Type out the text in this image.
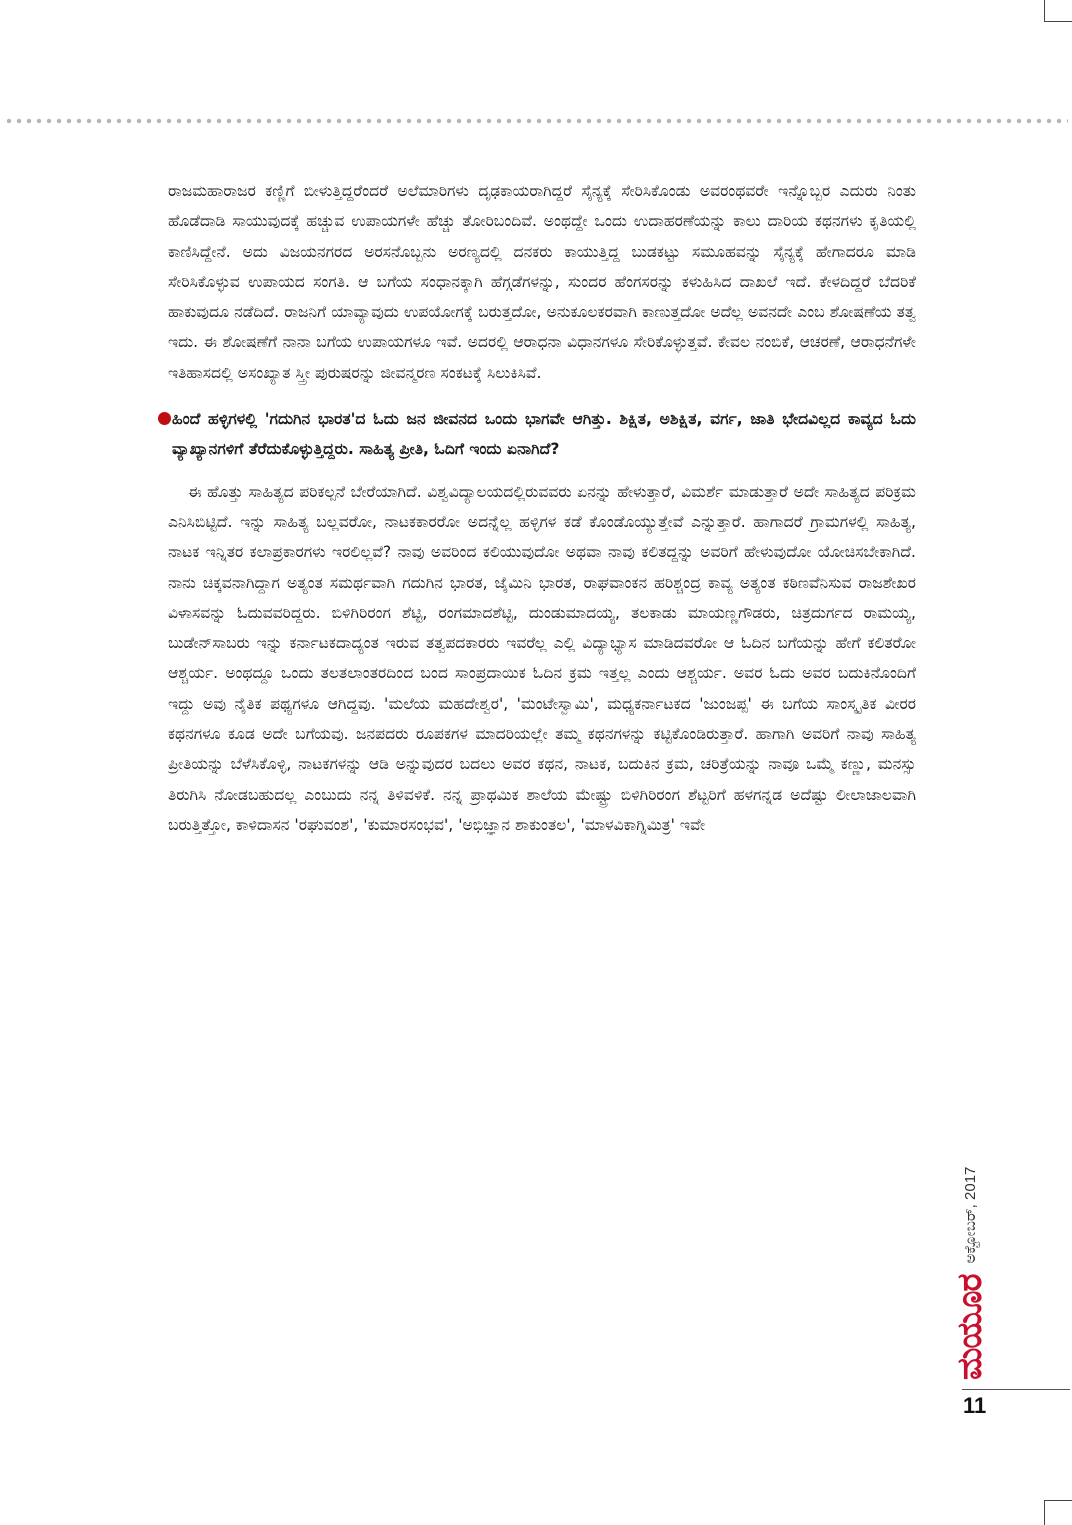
ರಾಜಮಹಾರಾಜರ ಕಣ್ಣಿಗೆ ಬೀಳುತ್ತಿದ್ದರೆಂದರೆ ಅಲೆಮಾರಿಗಳು ದೃಢಕಾಯರಾಗಿದ್ದರೆ ಸೈನ್ಯಕ್ಕೆ ಸೇರಿಸಿಕೊಂಡು ಅವರಂಥವರೇ ಇನ್ನೊಬ್ಬರ ಎದುರು ನಿಂತು ಹೊಡೆದಾಡಿ ಸಾಯುವುದಕ್ಕೆ ಹಚ್ಚುವ ಉಪಾಯಗಳೇ ಹೆಚ್ಚು ತೋರಿಬಂದಿವೆ. ಅಂಥದ್ದೇ ಒಂದು ಉದಾಹರಣೆಯನ್ನು ಕಾಲು ದಾರಿಯ ಕಥನಗಳು ಕೃತಿಯಲ್ಲಿ ಕಾಣಿಸಿದ್ದೇನೆ. ಅದು ವಿಜಯನಗರದ ಅರಸನೊಬ್ಬನು ಅರಣ್ಯದಲ್ಲಿ ದನಕರು ಕಾಯುತ್ತಿದ್ದ ಬುಡಕಟ್ಟು ಸಮೂಹವನ್ನು ಸೈನ್ಯಕ್ಕೆ ಹೇಗಾದರೂ ಮಾಡಿ ಸೇರಿಸಿಕೊಳ್ಳುವ ಉಪಾಯದ ಸಂಗತಿ. ಆ ಬಗೆಯ ಸಂಧಾನಕ್ಕಾಗಿ ಹೆಗ್ಗಡೆಗಳನ್ನು, ಸುಂದರ ಹೆಂಗಸರನ್ನು ಕಳುಹಿಸಿದ ದಾಖಲೆ ಇದೆ. ಕೇಳದಿದ್ದರೆ ಬೆದರಿಕೆ ಹಾಕುವುದೂ ನಡೆದಿದೆ. ರಾಜನಿಗೆ ಯಾವ್ಯಾವುದು ಉಪಯೋಗಕ್ಕೆ ಬರುತ್ತದೋ, ಅನುಕೂಲಕರವಾಗಿ ಕಾಣುತ್ತದೋ ಅದೆಲ್ಲ ಅವನದೇ ಎಂಬ ಶೋಷಣೆಯ ತತ್ವ ಇದು. ಈ ಶೋಷಣೆಗೆ ನಾನಾ ಬಗೆಯ ಉಪಾಯಗಳೂ ಇವೆ. ಅದರಲ್ಲಿ ಆರಾಧನಾ ವಿಧಾನಗಳೂ ಸೇರಿಕೊಳ್ಳುತ್ತವೆ. ಕೇವಲ ನಂಬಿಕೆ, ಆಚರಣೆ, ಆರಾಧನೆಗಳೇ ಇತಿಹಾಸದಲ್ಲಿ ಅಸಂಖ್ಯಾತ ಸ್ತ್ರೀ ಪುರುಷರನ್ನು ಜೀವನ್ಮರಣ ಸಂಕಟಕ್ಕೆ ಸಿಲುಕಿಸಿವೆ.

ಹಿಂದೆ ಹಳ್ಳಿಗಳಲ್ಲಿ 'ಗದುಗಿನ ಭಾರತ'ದ ಓದು ಜನ ಜೀವನದ ಒಂದು ಭಾಗವೇ ಆಗಿತ್ತು. ಶಿಕ್ಷಿತ, ಅಶಿಕ್ಷಿತ, ವರ್ಗ, ಜಾತಿ ಭೇದವಿಲ್ಲದ ಕಾವ್ಯದ ಓದು ವ್ಯಾಖ್ಯಾನಗಳಿಗೆ ತೆರೆದುಕೊಳ್ಳುತ್ತಿದ್ದರು. ಸಾಹಿತ್ಯ ಪ್ರೀತಿ, ಓದಿಗೆ ಇಂದು ಏನಾಗಿದೆ?

ಈ ಹೊತ್ತು ಸಾಹಿತ್ಯದ ಪರಿಕಲ್ಪನೆ ಬೇರೆಯಾಗಿದೆ. ವಿಶ್ವವಿದ್ಯಾಲಯದಲ್ಲಿರುವವರು ಏನನ್ನು ಹೇಳುತ್ತಾರೆ, ವಿಮರ್ಶೆ ಮಾಡುತ್ತಾರೆ ಅದೇ ಸಾಹಿತ್ಯದ ಪರಿಕ್ರಮ ಎನಿಸಿಬಿಟ್ಟಿದೆ. ಇನ್ನು ಸಾಹಿತ್ಯ ಬಲ್ಲವರೋ, ನಾಟಕಕಾರರೋ ಅದನ್ನೆಲ್ಲ ಹಳ್ಳಿಗಳ ಕಡೆ ಕೊಂಡೊಯ್ಯುತ್ತೇವೆ ಎನ್ನುತ್ತಾರೆ. ಹಾಗಾದರೆ ಗ್ರಾಮಗಳಲ್ಲಿ ಸಾಹಿತ್ಯ, ನಾಟಕ ಇನ್ನಿತರ ಕಲಾಪ್ರಕಾರಗಳು ಇರಲಿಲ್ಲವೆ? ನಾವು ಅವರಿಂದ ಕಲಿಯುವುದೋ ಅಥವಾ ನಾವು ಕಲಿತದ್ದನ್ನು ಅವರಿಗೆ ಹೇಳುವುದೋ ಯೋಚಿಸಬೇಕಾಗಿದೆ. ನಾನು ಚಿಕ್ಕವನಾಗಿದ್ದಾಗ ಅತ್ಯಂತ ಸಮರ್ಥವಾಗಿ ಗದುಗಿನ ಭಾರತ, ಜೈಮಿನಿ ಭಾರತ, ರಾಘವಾಂಕನ ಹರಿಶ್ಚಂದ್ರ ಕಾವ್ಯ ಅತ್ಯಂತ ಕಠಿಣವೆನಿಸುವ ರಾಜಶೇಖರ ವಿಳಾಸವನ್ನು ಓದುವವರಿದ್ದರು. ಬಿಳಿಗಿರಿರಂಗ ಶೆಟ್ಟಿ, ರಂಗಮಾದಶೆಟ್ಟಿ, ದುಂಡುಮಾದಯ್ಯ, ತಲಕಾಡು ಮಾಯಣ್ಣಗೌಡರು, ಚಿತ್ರದುರ್ಗದ ರಾಮಯ್ಯ, ಬುಡೇನ್‌ಸಾಬರು ಇನ್ನು ಕರ್ನಾಟಕದಾದ್ಯಂತ ಇರುವ ತತ್ವಪದಕಾರರು ಇವರೆಲ್ಲ ಎಲ್ಲಿ ವಿದ್ಯಾಭ್ಯಾಸ ಮಾಡಿದವರೋ ಆ ಓದಿನ ಬಗೆಯನ್ನು ಹೇಗೆ ಕಲಿತರೋ ಆಶ್ಚರ್ಯ. ಅಂಥದ್ದೂ ಒಂದು ತಲತಲಾಂತರದಿಂದ ಬಂದ ಸಾಂಪ್ರದಾಯಿಕ ಓದಿನ ಕ್ರಮ ಇತ್ತಲ್ಲ ಎಂದು ಆಶ್ಚರ್ಯ. ಅವರ ಓದು ಅವರ ಬದುಕಿನೊಂದಿಗೆ ಇದ್ದು ಅವು ನೈತಿಕ ಪಥ್ಯಗಳೂ ಆಗಿದ್ದವು. 'ಮಲೆಯ ಮಹದೇಶ್ವರ', 'ಮಂಟೇಸ್ವಾಮಿ', ಮಧ್ಯಕರ್ನಾಟಕದ 'ಜುಂಜಪ್ಪ' ಈ ಬಗೆಯ ಸಾಂಸ್ಕೃತಿಕ ವೀರರ ಕಥನಗಳೂ ಕೂಡ ಅದೇ ಬಗೆಯವು. ಜನಪದರು ರೂಪಕಗಳ ಮಾದರಿಯಲ್ಲೇ ತಮ್ಮ ಕಥನಗಳನ್ನು ಕಟ್ಟಿಕೊಂಡಿರುತ್ತಾರೆ. ಹಾಗಾಗಿ ಅವರಿಗೆ ನಾವು ಸಾಹಿತ್ಯ ಪ್ರೀತಿಯನ್ನು ಬೆಳೆಸಿಕೊಳ್ಳಿ, ನಾಟಕಗಳನ್ನು ಆಡಿ ಅನ್ನುವುದರ ಬದಲು ಅವರ ಕಥನ, ನಾಟಕ, ಬದುಕಿನ ಕ್ರಮ, ಚರಿತ್ರೆಯನ್ನು ನಾವೂ ಒಮ್ಮೆ ಕಣ್ಣು, ಮನಸ್ಸು ತಿರುಗಿಸಿ ನೋಡಬಹುದಲ್ಲ ಎಂಬುದು ನನ್ನ ತಿಳಿವಳಿಕೆ. ನನ್ನ ಪ್ರಾಥಮಿಕ ಶಾಲೆಯ ಮೇಷ್ಟ್ರು ಬಿಳಿಗಿರಿರಂಗ ಶೆಟ್ಟರಿಗೆ ಹಳಗನ್ನಡ ಅದೆಷ್ಟು ಲೀಲಾಜಾಲವಾಗಿ ಬರುತ್ತಿತ್ತೋ, ಕಾಳಿದಾಸನ 'ರಘುವಂಶ', 'ಕುಮಾರಸಂಭವ', 'ಅಭಿಜ್ಞಾನ ಶಾಕುಂತಲ', 'ಮಾಳವಿಕಾಗ್ನಿಮಿತ್ರ' ಇವೇ

ಮಯೂರ ಅಕ್ಟೋಬರ್, 2017
11
